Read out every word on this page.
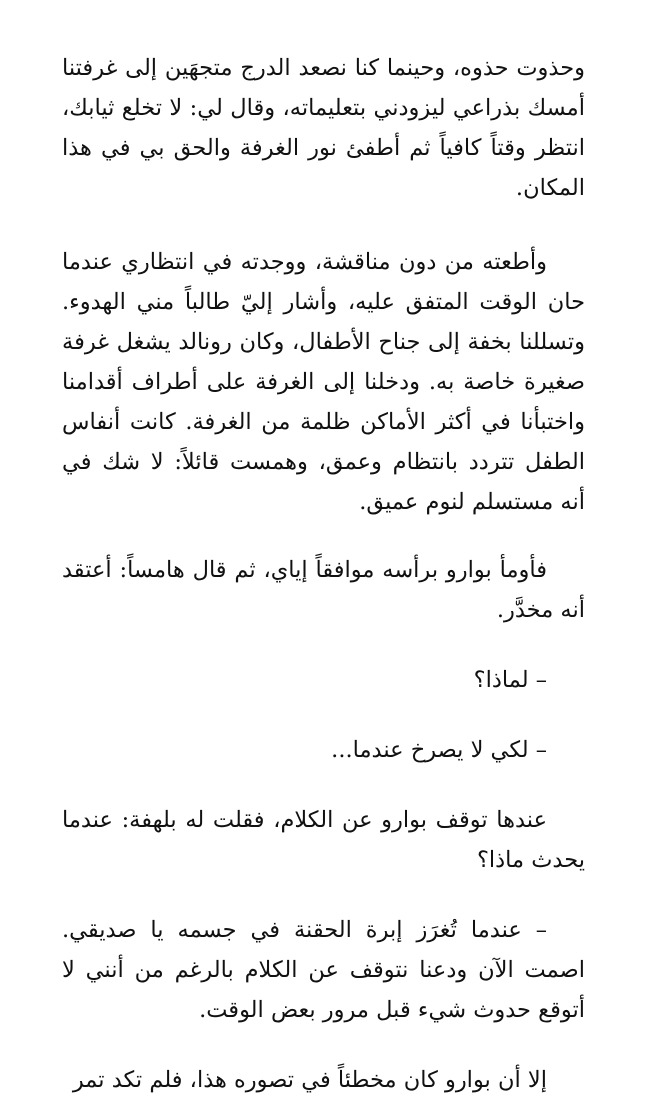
وحذوت حذوه، وحينما كنا نصعد الدرج متجهَين إلى غرفتنا أمسك بذراعي ليزودني بتعليماته، وقال لي: لا تخلع ثيابك، انتظر وقتاً كافياً ثم أطفئ نور الغرفة والحق بي في هذا المكان.

وأطعته من دون مناقشة، ووجدته في انتظاري عندما حان الوقت المتفق عليه، وأشار إليّ طالباً مني الهدوء. وتسللنا بخفة إلى جناح الأطفال، وكان رونالد يشغل غرفة صغيرة خاصة به. ودخلنا إلى الغرفة على أطراف أقدامنا واختبأنا في أكثر الأماكن ظلمة من الغرفة. كانت أنفاس الطفل تتردد بانتظام وعمق، وهمست قائلاً: لا شك في أنه مستسلم لنوم عميق.

فأومأ بوارو برأسه موافقاً إياي، ثم قال هامساً: أعتقد أنه مخدَّر.

– لماذا؟

– لكي لا يصرخ عندما...

عندها توقف بوارو عن الكلام، فقلت له بلهفة: عندما يحدث ماذا؟

– عندما تُغرَز إبرة الحقنة في جسمه يا صديقي. اصمت الآن ودعنا نتوقف عن الكلام بالرغم من أنني لا أتوقع حدوث شيء قبل مرور بعض الوقت.

إلا أن بوارو كان مخطئاً في تصوره هذا، فلم تكد تمر
